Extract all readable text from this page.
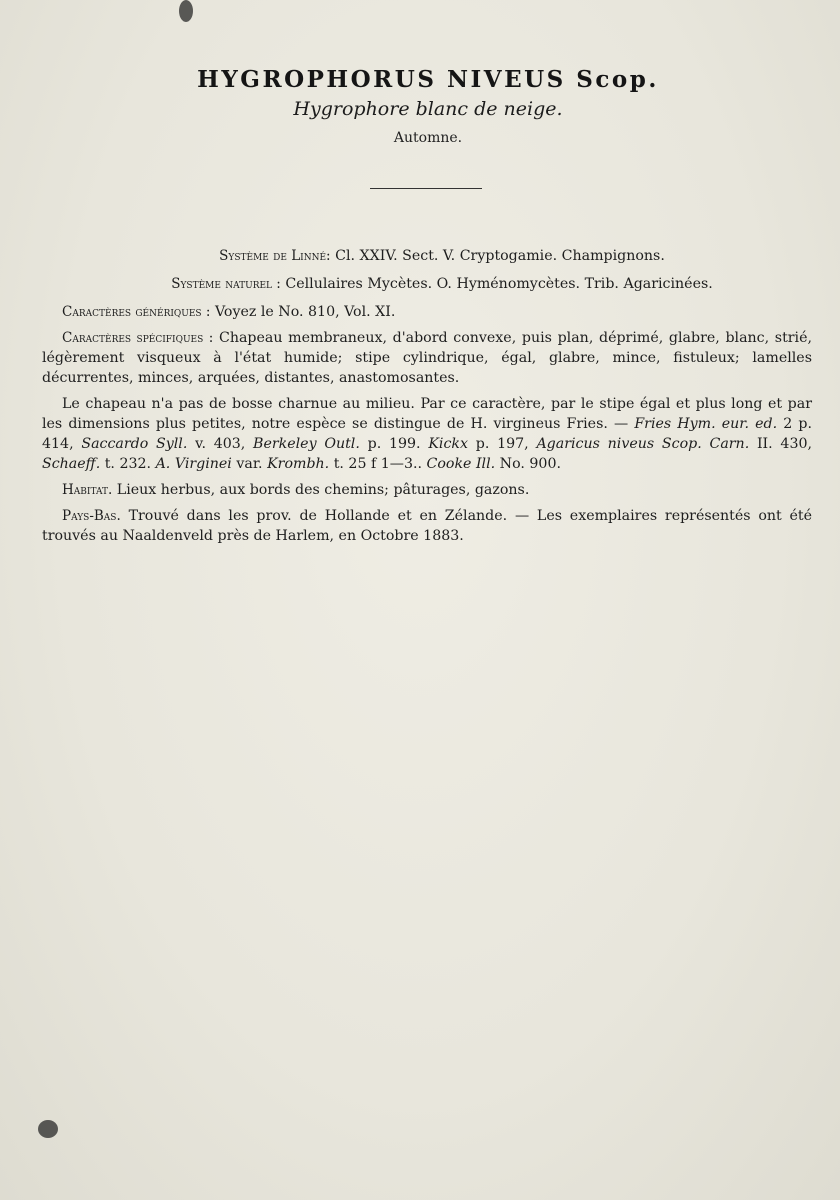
HYGROPHORUS NIVEUS Scop.
Hygrophore blanc de neige.
Automne.

Système de Linné: Cl. XXIV. Sect. V. Cryptogamie. Champignons.

Système naturel : Cellulaires Mycètes. O. Hyménomycètes. Trib. Agaricinées.

Caractères génériques : Voyez le No. 810, Vol. XI.

Caractères spécifiques : Chapeau membraneux, d'abord convexe, puis plan, déprimé, glabre, blanc, strié, légèrement visqueux à l'état humide; stipe cylindrique, égal, glabre, mince, fistuleux; lamelles décurrentes, minces, arquées, distantes, anastomosantes.

Le chapeau n'a pas de bosse charnue au milieu. Par ce caractère, par le stipe égal et plus long et par les dimensions plus petites, notre espèce se distingue de H. virgineus Fries. — Fries Hym. eur. ed. 2 p. 414, Saccardo Syll. v. 403, Berkeley Outl. p. 199. Kickx p. 197, Agaricus niveus Scop. Carn. II. 430, Schaeff. t. 232. A. Virginei var. Krombh. t. 25 f 1—3.. Cooke Ill. No. 900.

Habitat. Lieux herbus, aux bords des chemins; pâturages, gazons.

Pays-Bas. Trouvé dans les prov. de Hollande et en Zélande. — Les exemplaires représentés ont été trouvés au Naaldenveld près de Harlem, en Octobre 1883.
